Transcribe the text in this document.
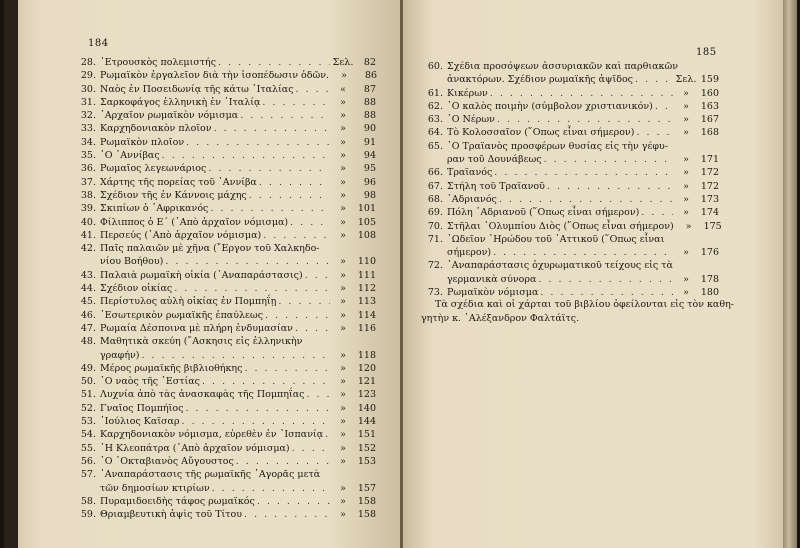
184
28. ᾽Ετρουσκὸς πολεμιστής . . .	Σελ.	82
29. Ρωμαϊκὸν ἐργαλεῖον διὰ τὴν ἰσοπέδωσιν ὁδῶν.	»	86
30. Ναὸς ἐν Ποσειδωνίᾳ τῆς κάτω ᾽Ιταλίας . . .	«	87
31. Σαρκοφάγος ἑλληνικὴ ἐν ᾽Ιταλίᾳ . . .	»	88
32. ᾽Αρχαῖον ρωμαϊκὸν νόμισμα . . .	»	88
33. Καρχηδονιακὸν πλοῖον . . .	»	90
34. Ρωμαϊκὸν πλοῖον . . .	»	91
35. ῾Ο ᾽Αννίβας . . .	»	94
36. Ρωμαῖος λεγεωνάριος . . .	»	95
37. Χάρτης τῆς πορείας τοῦ ᾽Αννίβα . . .	»	96
38. Σχέδιον τῆς ἐν Κάννοις μάχης . . .	»	98
39. Σκιπίων ὁ ᾽Αφρικανός . . .	»	101
40. Φίλιππος ὁ Ε΄ (᾽Απὸ ἀρχαῖον νόμισμα) . . .	»	105
41. Περσεύς (᾽Απὸ ἀρχαῖον νόμισμα) . . .	»	108
42. Παῖς παλαιῶν μὲ χῆνα (῎Εργον τοῦ Χαλκηδο-
νίου Βοήθου) . . .	»	110
43. Παλαιὰ ρωμαϊκὴ οἰκία (᾽Αναπαράστασις) . . .	»	111
44. Σχέδιον οἰκίας . . .	»	112
45. Περίστυλος αὐλὴ οἰκίας ἐν Πομπηΐῃ . . .	»	113
46. ᾽Εσωτερικὸν ρωμαϊκῆς ἐπαύλεως . . .	»	114
47. Ρωμαία Δέσποινα μὲ πλήρη ἐνδυμασίαν . . .	»	116
48. Μαθητικὰ σκεύη (῎Ασκησις εἰς ἑλληνικὴν
γραφήν) . . .	»	118
49. Μέρος ρωμαϊκῆς βιβλιοθήκης . . .	»	120
50. ῾Ο ναὸς τῆς ῾Εστίας . . .	»	121
51. Λυχνία ἀπὸ τὰς ἀνασκαφὰς τῆς Πομπηΐας . . .	»	123
52. Γναῖος Πομπήϊος . . .	»	140
53. ᾽Ιούλιος Καῖσαρ . . .	»	144
54. Καρχηδονιακὸν νόμισμα, εὑρεθὲν ἐν ᾽Ισπανίᾳ . . .	»	151
55. ῾Η Κλεοπάτρα (᾽Απὸ ἀρχαῖον νόμισμα) . . .	»	152
56. ῾Ο ᾽Οκταβιανὸς Αὔγουστος . . .	»	153
57. ᾽Αναπαράστασις τῆς ρωμαϊκῆς ᾽Αγορᾶς μετὰ
τῶν δημοσίων κτιρίων . . .	»	157
58. Πυραμιδοειδὴς τάφος ρωμαϊκός . . .	»	158
59. Θριαμβευτικὴ ἁψὶς τοῦ Τίτου . . .	»	158
185
60. Σχέδια προσόψεων ἀσσυριακῶν καὶ παρθιακῶν
ἀνακτόρων. Σχέδιον ρωμαϊκῆς ἁψῖδος . . .	Σελ. 159
61. Κικέρων . . .	»	160
62. ῾Ο καλὸς ποιμὴν (σύμβολον χριστιανικόν) . . .	»	163
63. ῾Ο Νέρων . . .	»	167
64. Τὸ Κολοσσαῖον (῞Οπως εἶναι σήμερον) . . .	»	168
65. ῾Ο Τραϊανὸς προσφέρων θυσίας εἰς τὴν γέφυ-
ραν τοῦ Δουνάβεως . . .	»	171
66. Τραϊανός . . .	»	172
67. Στήλη τοῦ Τραϊανοῦ . . .	»	172
68. ῾Αδριανός . . .	»	173
69. Πόλη ῾Αδριανοῦ (῞Οπως εἶναι σήμερον) . . .	»	174
70. Στῆλαι ᾽Ολυμπίου Διὸς (῞Οπως εἶναι σήμερον)	»	175
71. ᾽Ωδεῖον ῾Ηρώδου τοῦ ᾽Αττικοῦ (῞Οπως εἶναι
σήμερον) . . .	»	176
72. ᾽Αναπαράστασις ὀχυρωματικοῦ τείχους εἰς τὰ
γερμανικὰ σύνορα . . .	»	178
73. Ρωμαϊκὸν νόμισμα . . .	»	180
Τὰ σχέδια καὶ οἱ χάρται τοῦ βιβλίου ὀφείλονται εἰς τὸν καθη-
γητὴν κ. ᾽Αλέξανδρον Φαλτάϊτς.
